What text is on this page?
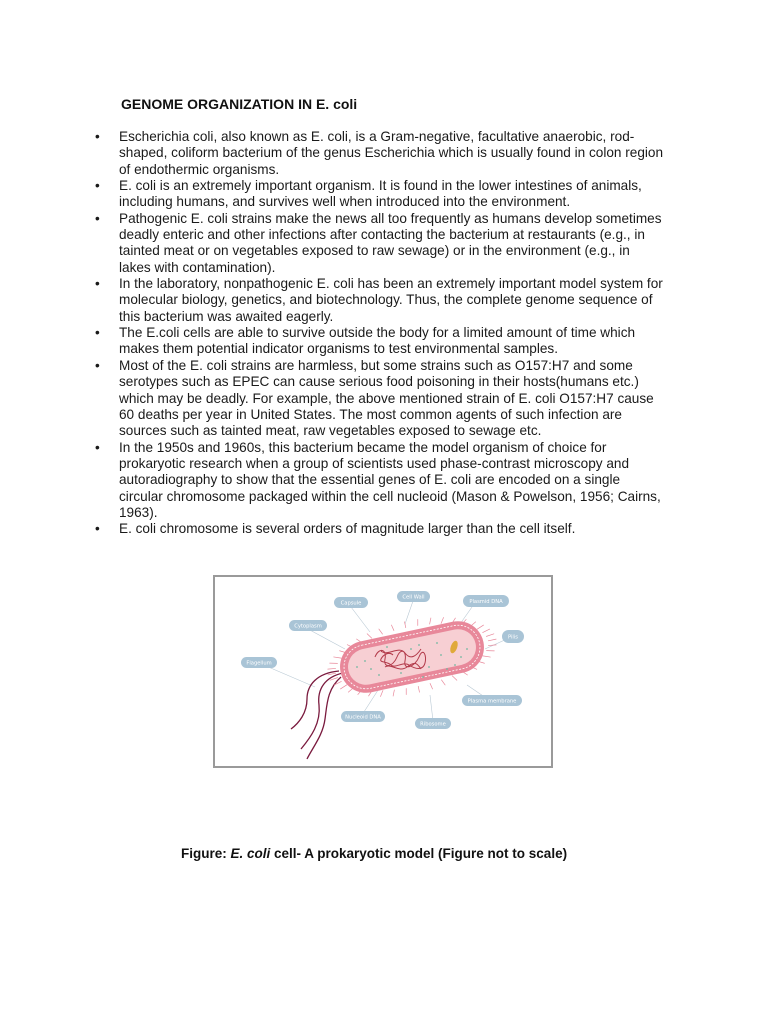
GENOME ORGANIZATION IN E. coli
•	Escherichia coli, also known as E. coli, is a Gram-negative, facultative anaerobic, rod-shaped, coliform bacterium of the genus Escherichia which is usually found in colon region of endothermic organisms.
•	E. coli is an extremely important organism. It is found in the lower intestines of animals, including humans, and survives well when introduced into the environment.
•	Pathogenic E. coli strains make the news all too frequently as humans develop sometimes deadly enteric and other infections after contacting the bacterium at restaurants (e.g., in tainted meat or on vegetables exposed to raw sewage) or in the environment (e.g., in lakes with contamination).
•	In the laboratory, nonpathogenic E. coli has been an extremely important model system for molecular biology, genetics, and biotechnology. Thus, the complete genome sequence of this bacterium was awaited eagerly.
•	The E.coli cells are able to survive outside the body for a limited amount of time which makes them potential indicator organisms to test environmental samples.
•	Most of the E. coli strains are harmless, but some strains such as O157:H7 and some serotypes such as EPEC can cause serious food poisoning in their hosts(humans etc.) which may be deadly. For example, the above mentioned strain of E. coli O157:H7 cause 60 deaths per year in United States. The most common agents of such infection are sources such as tainted meat, raw vegetables exposed to sewage etc.
•	In the 1950s and 1960s, this bacterium became the model organism of choice for prokaryotic research when a group of scientists used phase-contrast microscopy and autoradiography to show that the essential genes of E. coli are encoded on a single circular chromosome packaged within the cell nucleoid (Mason & Powelson, 1956; Cairns, 1963).
•	E. coli chromosome is several orders of magnitude larger than the cell itself.
Capsule
Cell Wall
Plasmid DNA
Cytoplasm
Pilis
Flagellum
Plasma membrane
Nucleoid DNA
Ribosome

Figure: E. coli cell- A prokaryotic model (Figure not to scale)
